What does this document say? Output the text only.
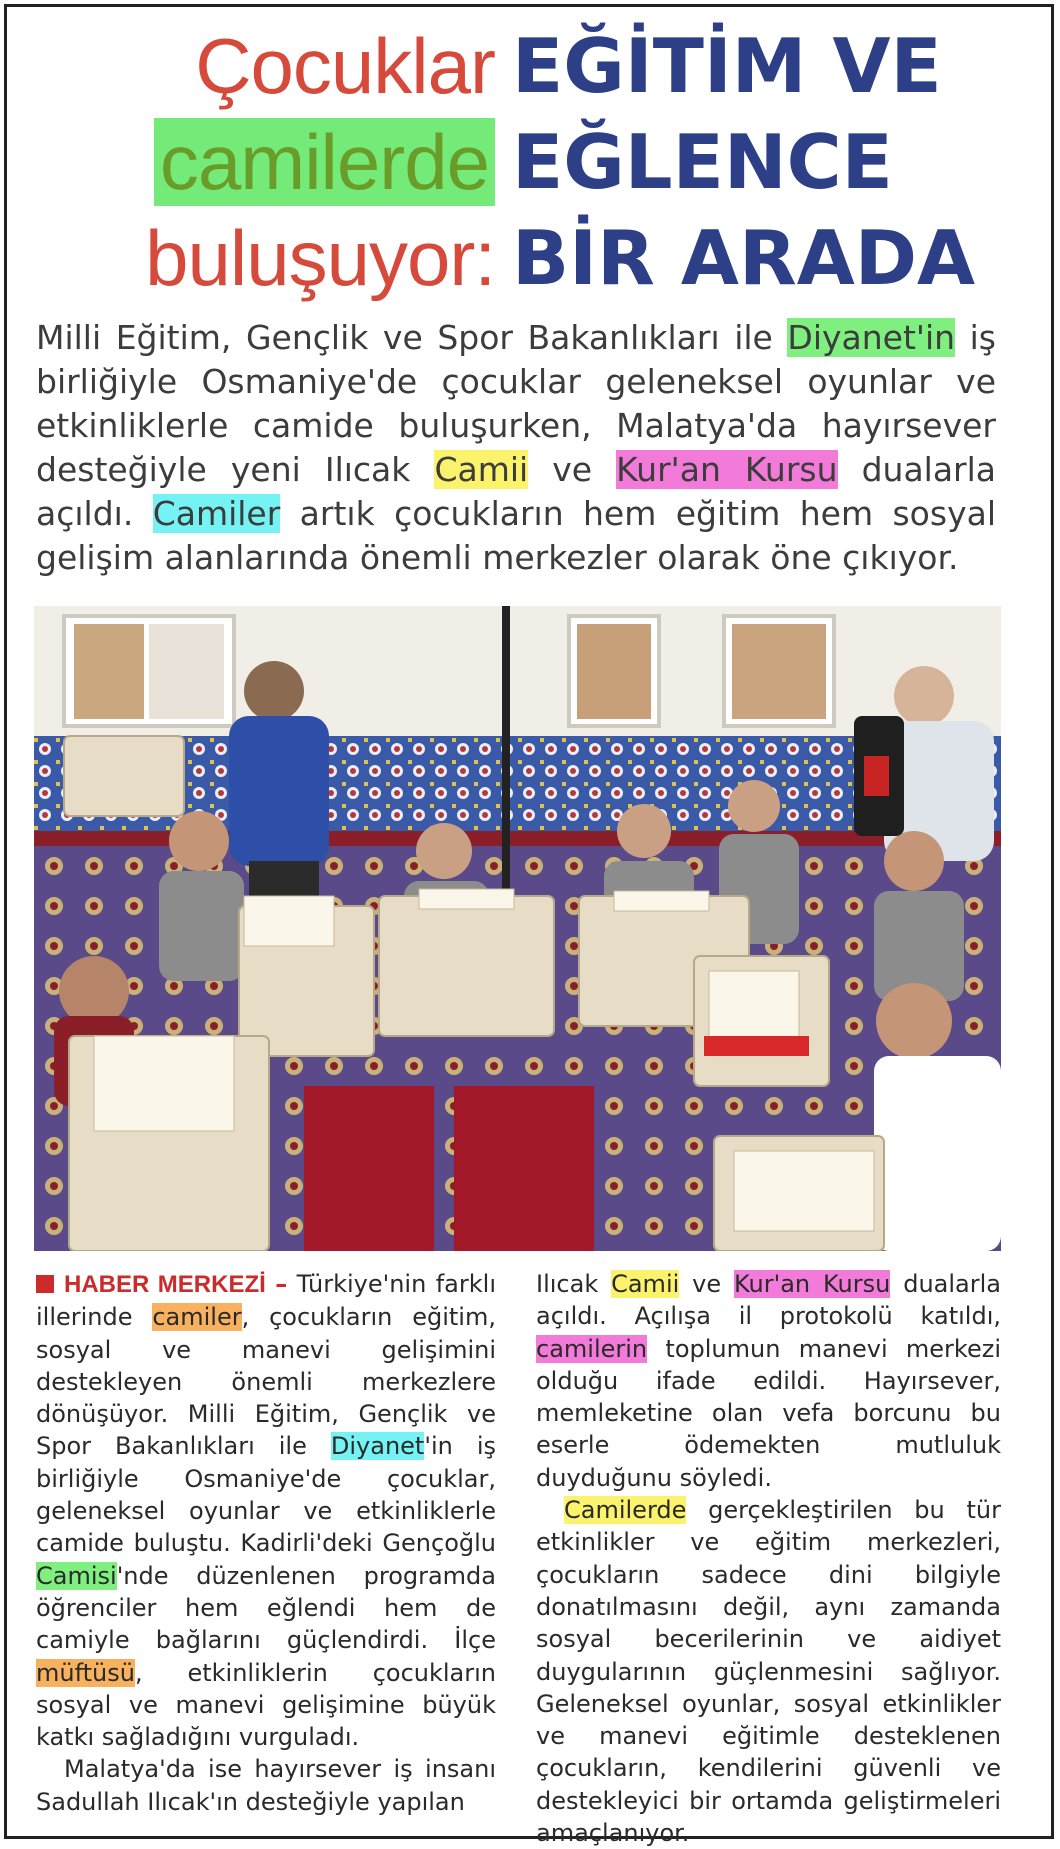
Çocuklar
camilerde
buluşuyor:
EĞİTİM VE
EĞLENCE
BİR ARADA
Milli Eğitim, Gençlik ve Spor Bakanlıkları ile Diyanet'in iş birliğiyle Osmaniye'de çocuklar geleneksel oyunlar ve etkinliklerle camide buluşurken, Malatya'da hayırsever desteğiyle yeni Ilıcak Camii ve Kur'an Kursu dualarla açıldı. Camiler artık çocukların hem eğitim hem sosyal gelişim alanlarında önemli merkezler olarak öne çıkıyor.

HABER MERKEZİ – Türkiye'nin farklı illerinde camiler, çocukların eğitim, sosyal ve manevi gelişimini destekleyen önemli merkezlere dönüşüyor. Milli Eğitim, Gençlik ve Spor Bakanlıkları ile Diyanet'in iş birliğiyle Osmaniye'de çocuklar, geleneksel oyunlar ve etkinliklerle camide buluştu. Kadirli'deki Gençoğlu Camisi'nde düzenlenen programda öğrenciler hem eğlendi hem de camiyle bağlarını güçlendirdi. İlçe müftüsü, etkinliklerin çocukların sosyal ve manevi gelişimine büyük katkı sağladığını vurguladı.

Malatya'da ise hayırsever iş insanı Sadullah Ilıcak'ın desteğiyle yapılan

Ilıcak Camii ve Kur'an Kursu dualarla açıldı. Açılışa il protokolü katıldı, camilerin toplumun manevi merkezi olduğu ifade edildi. Hayırsever, memleketine olan vefa borcunu bu eserle ödemekten mutluluk duyduğunu söyledi.

Camilerde gerçekleştirilen bu tür etkinlikler ve eğitim merkezleri, çocukların sadece dini bilgiyle donatılmasını değil, aynı zamanda sosyal becerilerinin ve aidiyet duygularının güçlenmesini sağlıyor. Geleneksel oyunlar, sosyal etkinlikler ve manevi eğitimle desteklenen çocukların, kendilerini güvenli ve destekleyici bir ortamda geliştirmeleri amaçlanıyor.
